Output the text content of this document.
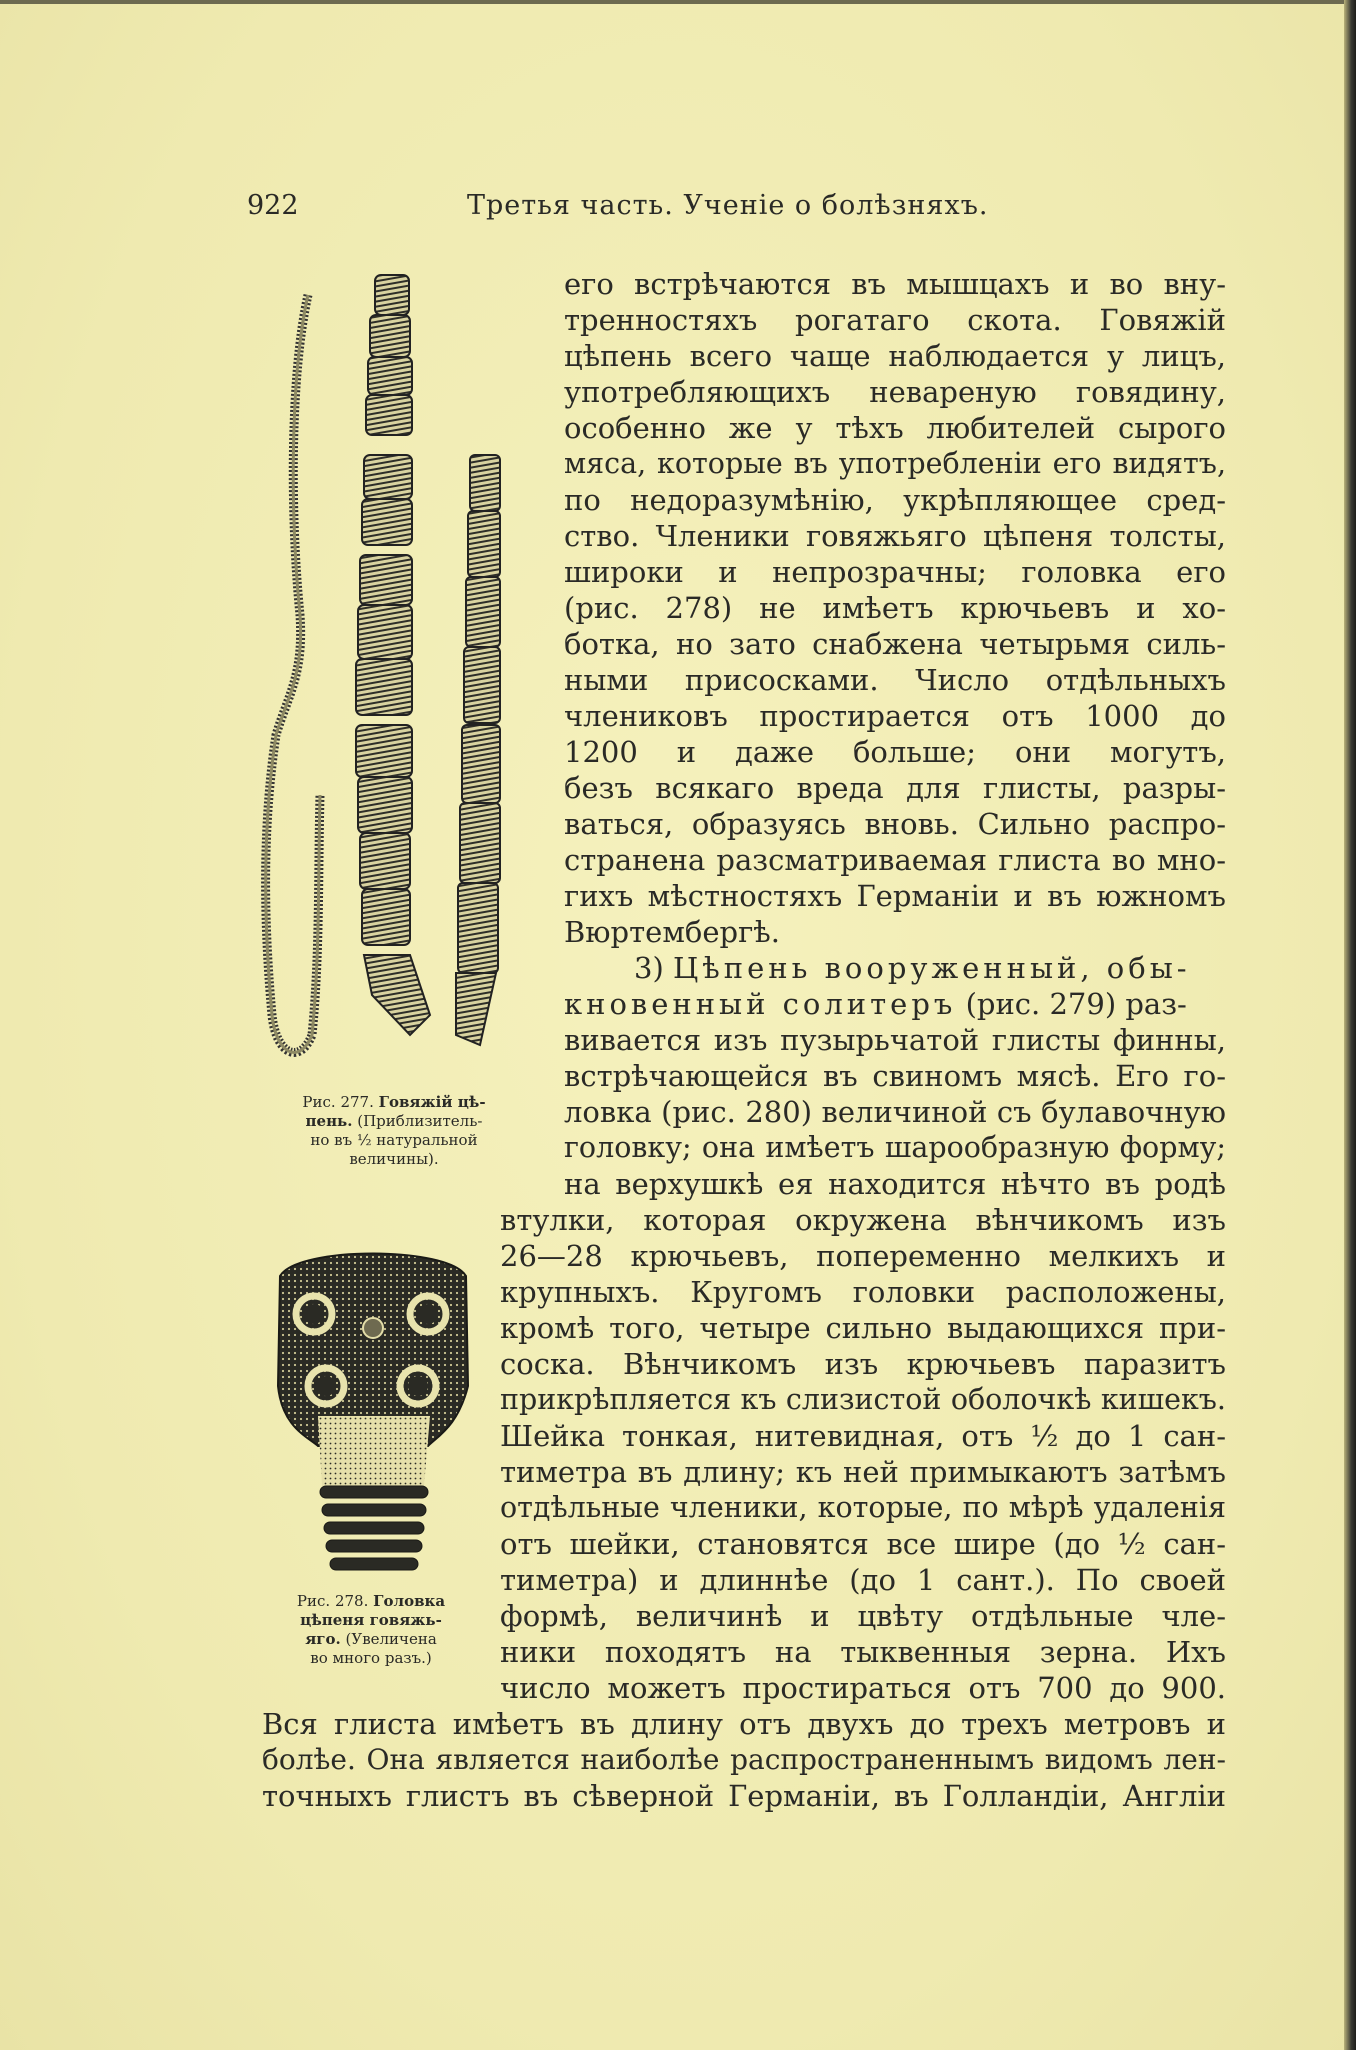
922	Третья часть. Ученіе о болѣзняхъ.
Рис. 277. Говяжій цѣ-
пень. (Приблизитель-
но въ ½ натуральной
величины).
Рис. 278. Головка
цѣпеня говяжь-
яго. (Увеличена
во много разъ.)
его встрѣчаются въ мышцахъ и во вну-
тренностяхъ рогатаго скота. Говяжій
цѣпень всего чаще наблюдается у лицъ,
употребляющихъ невареную говядину,
особенно же у тѣхъ любителей сырого
мяса, которые въ употребленіи его видятъ,
по недоразумѣнію, укрѣпляющее сред-
ство. Членики говяжьяго цѣпеня толсты,
широки и непрозрачны; головка его
(рис. 278) не имѣетъ крючьевъ и хо-
ботка, но зато снабжена четырьмя силь-
ными присосками. Число отдѣльныхъ
члениковъ простирается отъ 1000 до
1200 и даже больше; они могутъ,
безъ всякаго вреда для глисты, разры-
ваться, образуясь вновь. Сильно распро-
странена разсматриваемая глиста во мно-
гихъ мѣстностяхъ Германіи и въ южномъ
Вюртембергѣ.
3) Цѣпень вооруженный, обы-
кновенный солитеръ (рис. 279) раз-
вивается изъ пузырьчатой глисты финны,
встрѣчающейся въ свиномъ мясѣ. Его го-
ловка (рис. 280) величиной съ булавочную
головку; она имѣетъ шарообразную форму;
на верхушкѣ ея находится нѣчто въ родѣ
втулки, которая окружена вѣнчикомъ изъ
26—28 крючьевъ, попеременно мелкихъ и
крупныхъ. Кругомъ головки расположены,
кромѣ того, четыре сильно выдающихся при-
соска. Вѣнчикомъ изъ крючьевъ паразитъ
прикрѣпляется къ слизистой оболочкѣ кишекъ.
Шейка тонкая, нитевидная, отъ ½ до 1 сан-
тиметра въ длину; къ ней примыкаютъ затѣмъ
отдѣльные членики, которые, по мѣрѣ удаленія
отъ шейки, становятся все шире (до ½ сан-
тиметра) и длиннѣе (до 1 сант.). По своей
формѣ, величинѣ и цвѣту отдѣльные чле-
ники походятъ на тыквенныя зерна. Ихъ
число можетъ простираться отъ 700 до 900.
Вся глиста имѣетъ въ длину отъ двухъ до трехъ метровъ и
болѣе. Она является наиболѣе распространеннымъ видомъ лен-
точныхъ глистъ въ сѣверной Германіи, въ Голландіи, Англіи
